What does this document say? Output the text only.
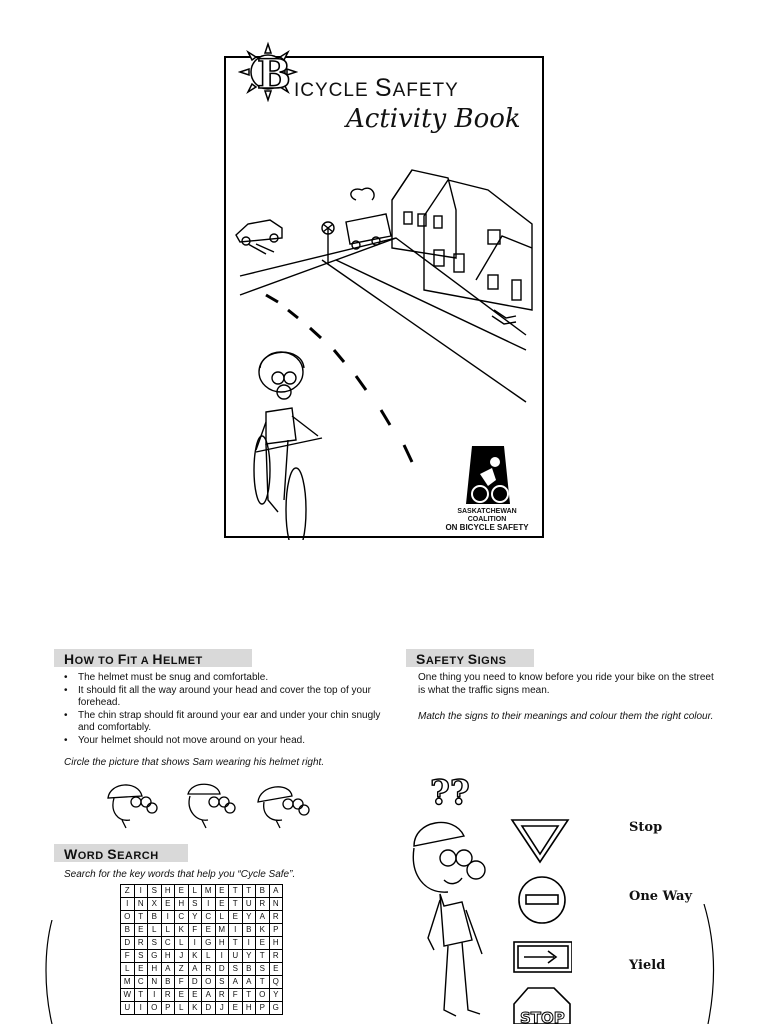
B ICYCLE SAFETY
Activity Book
SASKATCHEWAN COALITION
ON BICYCLE SAFETY
HOW TO FIT A HELMET
• The helmet must be snug and comfortable.
• It should fit all the way around your head and cover the top of your forehead.
• The chin strap should fit around your ear and under your chin snugly and comfortably.
• Your helmet should not move around on your head.
Circle the picture that shows Sam wearing his helmet right.
WORD SEARCH
Search for the key words that help you “Cycle Safe”.
Z	I	S	H	E	L	M	E	T	T	B	A
I	N	X	E	H	S	I	E	T	U	R	N
O	T	B	I	C	Y	C	L	E	Y	A	R
B	E	L	L	K	F	E	M	I	B	K	P
D	R	S	C	L	I	G	H	T	I	E	H
F	S	G	H	J	K	L	I	U	Y	T	R
L	E	H	A	Z	A	R	D	S	B	S	E
M	C	N	B	F	D	O	S	A	A	T	Q
W	T	I	R	E	E	A	R	F	T	O	Y
U	I	O	P	L	K	D	J	E	H	P	G
SAFETY SIGNS
One thing you need to know before you ride your bike on the street is what the traffic signs mean.
Match the signs to their meanings and colour them the right colour.
??
STOP
Stop
One Way
Yield
